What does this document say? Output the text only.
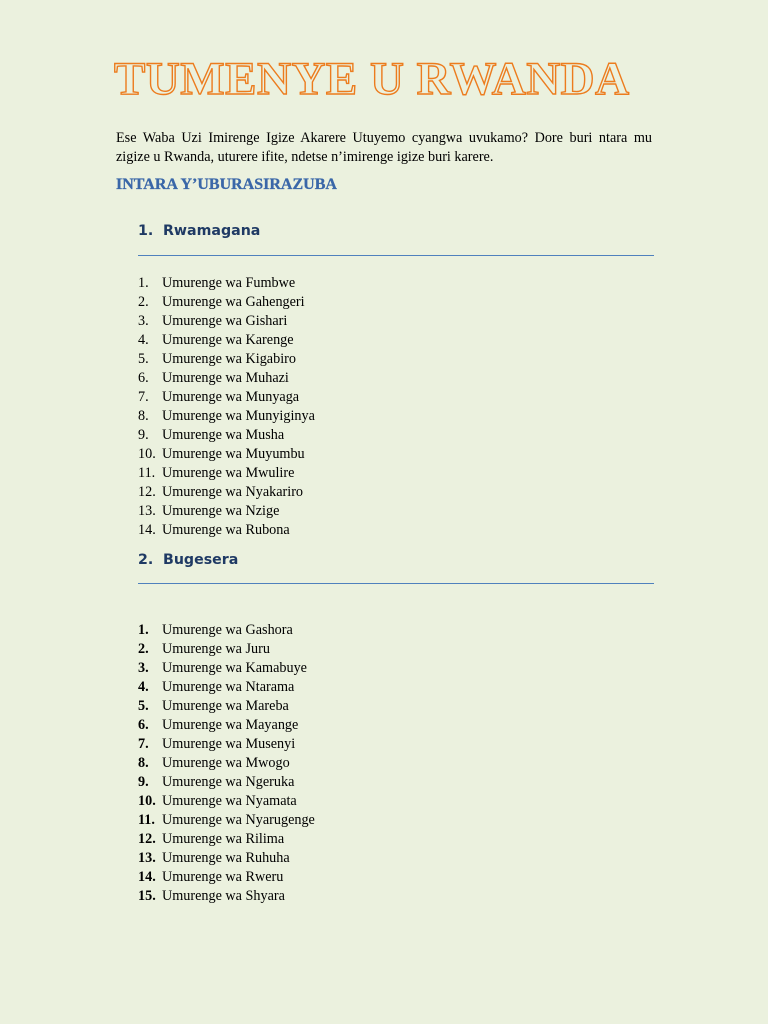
TUMENYE U RWANDA

Ese Waba Uzi Imirenge Igize Akarere Utuyemo cyangwa uvukamo? Dore buri ntara mu zigize u Rwanda, uturere ifite, ndetse n’imirenge igize buri karere.

INTARA Y’UBURASIRAZUBA
1. Rwamagana
1. Umurenge wa Fumbwe
2. Umurenge wa Gahengeri
3. Umurenge wa Gishari
4. Umurenge wa Karenge
5. Umurenge wa Kigabiro
6. Umurenge wa Muhazi
7. Umurenge wa Munyaga
8. Umurenge wa Munyiginya
9. Umurenge wa Musha
10. Umurenge wa Muyumbu
11. Umurenge wa Mwulire
12. Umurenge wa Nyakariro
13. Umurenge wa Nzige
14. Umurenge wa Rubona
2. Bugesera
1. Umurenge wa Gashora
2. Umurenge wa Juru
3. Umurenge wa Kamabuye
4. Umurenge wa Ntarama
5. Umurenge wa Mareba
6. Umurenge wa Mayange
7. Umurenge wa Musenyi
8. Umurenge wa Mwogo
9. Umurenge wa Ngeruka
10. Umurenge wa Nyamata
11. Umurenge wa Nyarugenge
12. Umurenge wa Rilima
13. Umurenge wa Ruhuha
14. Umurenge wa Rweru
15. Umurenge wa Shyara
